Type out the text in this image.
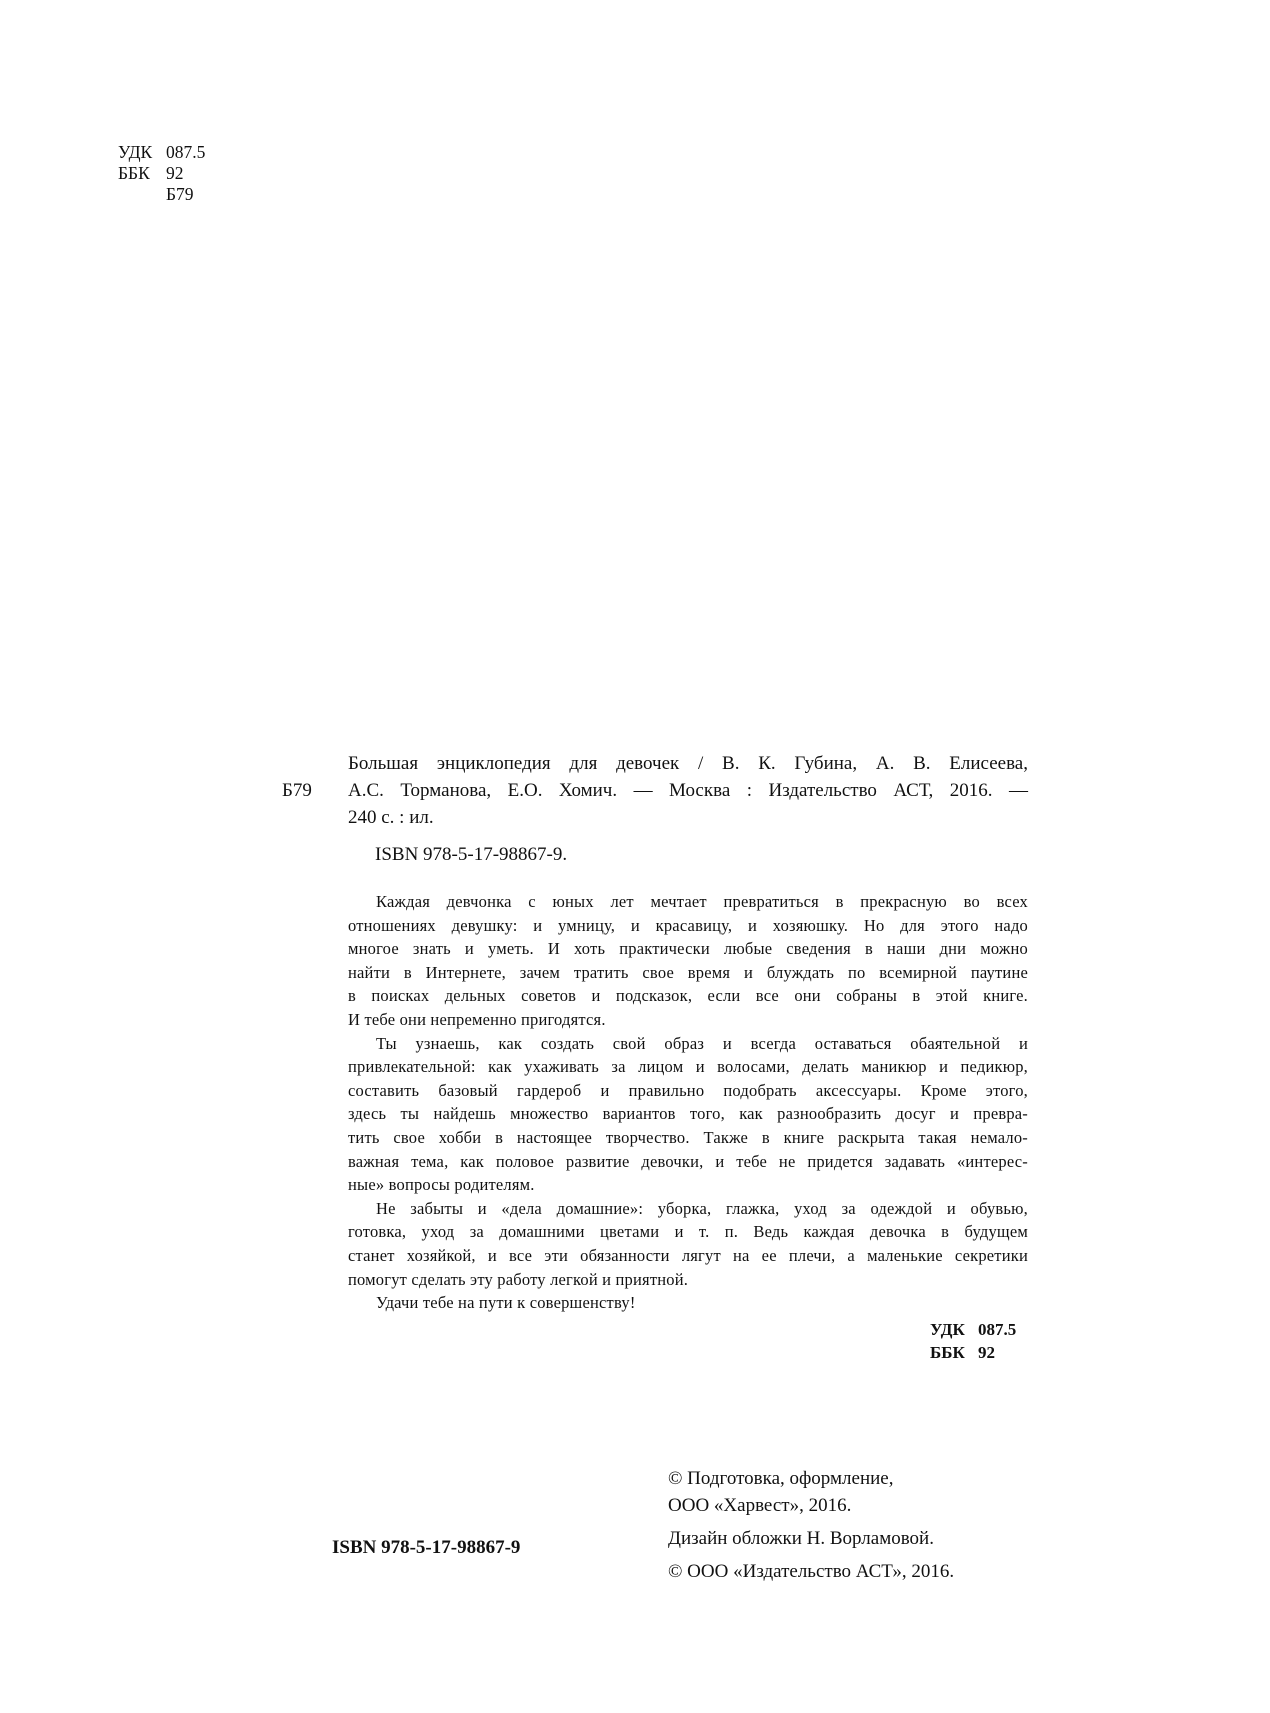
УДК 087.5
ББК 92
Б79
Б79
Большая энциклопедия для девочек / В. К. Губина, А. В. Елисеева,
А.С. Торманова, Е.О. Хомич. — Москва : Издательство АСТ, 2016. —
240 с. : ил.
ISBN 978-5-17-98867-9.

Каждая девчонка с юных лет мечтает превратиться в прекрасную во всех
отношениях девушку: и умницу, и красавицу, и хозяюшку. Но для этого надо
многое знать и уметь. И хоть практически любые сведения в наши дни можно
найти в Интернете, зачем тратить свое время и блуждать по всемирной паутине
в поисках дельных советов и подсказок, если все они собраны в этой книге.
И тебе они непременно пригодятся.

Ты узнаешь, как создать свой образ и всегда оставаться обаятельной и
привлекательной: как ухаживать за лицом и волосами, делать маникюр и педикюр,
составить базовый гардероб и правильно подобрать аксессуары. Кроме этого,
здесь ты найдешь множество вариантов того, как разнообразить досуг и превра-
тить свое хобби в настоящее творчество. Также в книге раскрыта такая немало-
важная тема, как половое развитие девочки, и тебе не придется задавать «интерес-
ные» вопросы родителям.

Не забыты и «дела домашние»: уборка, глажка, уход за одеждой и обувью,
готовка, уход за домашними цветами и т. п. Ведь каждая девочка в будущем
станет хозяйкой, и все эти обязанности лягут на ее плечи, а маленькие секретики
помогут сделать эту работу легкой и приятной.

Удачи тебе на пути к совершенству!

УДК 087.5
ББК 92
© Подготовка, оформление,
ООО «Харвест», 2016.
Дизайн обложки Н. Ворламовой.
© ООО «Издательство АСТ», 2016.
ISBN 978-5-17-98867-9
